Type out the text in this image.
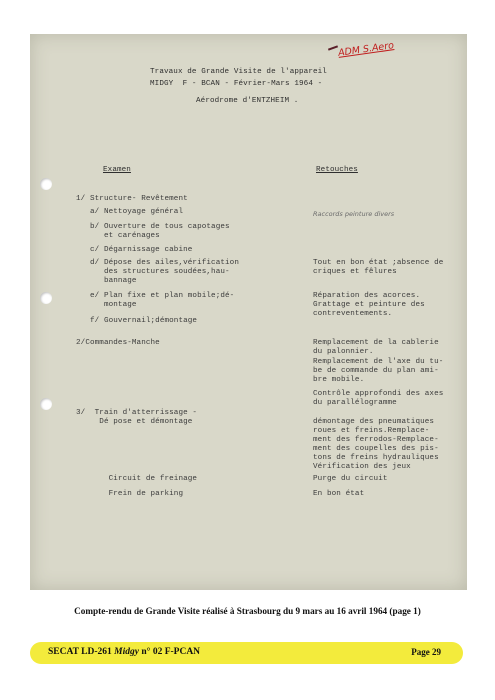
ADM S.Aero
Travaux de Grande Visite de l'appareil
MIDGY  F - BCAN - Février-Mars 1964 -
Aérodrome d'ENTZHEIM .
Examen	Retouches
1/ Structure- Revêtement
a/ Nettoyage général
b/ Ouverture de tous capotages
et carénages
c/ Dégarnissage cabine
d/ Dépose des ailes,vérification
des structures soudées,hau-
bannage
e/ Plan fixe et plan mobile;dé-
montage
f/ Gouvernail;démontage
2/Commandes-Manche
3/  Train d'atterrissage -
Dé pose et démontage
Circuit de freinage
Frein de parking
Raccords peinture divers
Tout en bon état ;absence de
criques et fêlures
Réparation des acorces.
Grattage et peinture des
contreventements.
Remplacement de la cablerie
du palonnier.
Remplacement de l'axe du tu-
be de commande du plan ami-
bre mobile.
Contrôle approfondi des axes
du parallélogramme
démontage des pneumatiques
roues et freins.Remplace-
ment des ferrodos-Remplace-
ment des coupelles des pis-
tons de freins hydrauliques
Vérification des jeux
Purge du circuit
En bon état
Compte-rendu de Grande Visite réalisé à Strasbourg du 9 mars au 16 avril 1964 (page 1)
SECAT LD-261 Midgy n° 02 F-PCAN	Page 29
